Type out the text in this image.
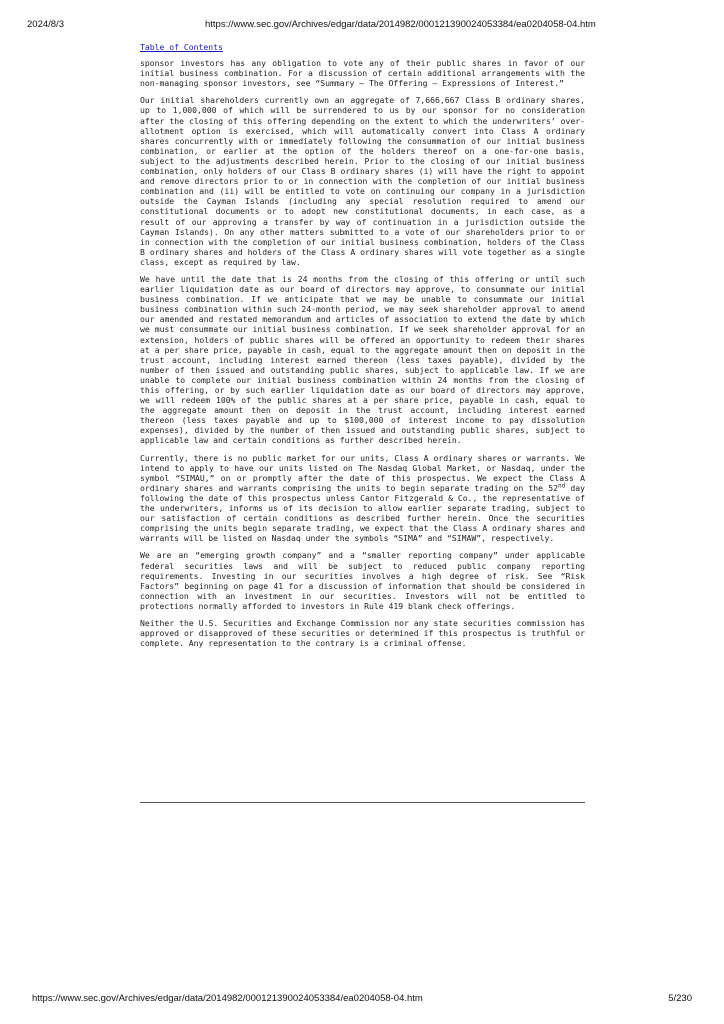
2024/8/3	https://www.sec.gov/Archives/edgar/data/2014982/000121390024053384/ea0204058-04.htm
Table of Contents

sponsor investors has any obligation to vote any of their public shares in favor of our initial business combination. For a discussion of certain additional arrangements with the non-managing sponsor investors, see “Summary — The Offering — Expressions of Interest.”

Our initial shareholders currently own an aggregate of 7,666,667 Class B ordinary shares, up to 1,000,000 of which will be surrendered to us by our sponsor for no consideration after the closing of this offering depending on the extent to which the underwriters’ over-allotment option is exercised, which will automatically convert into Class A ordinary shares concurrently with or immediately following the consummation of our initial business combination, or earlier at the option of the holders thereof on a one-for-one basis, subject to the adjustments described herein. Prior to the closing of our initial business combination, only holders of our Class B ordinary shares (i) will have the right to appoint and remove directors prior to or in connection with the completion of our initial business combination and (ii) will be entitled to vote on continuing our company in a jurisdiction outside the Cayman Islands (including any special resolution required to amend our constitutional documents or to adopt new constitutional documents, in each case, as a result of our approving a transfer by way of continuation in a jurisdiction outside the Cayman Islands). On any other matters submitted to a vote of our shareholders prior to or in connection with the completion of our initial business combination, holders of the Class B ordinary shares and holders of the Class A ordinary shares will vote together as a single class, except as required by law.

We have until the date that is 24 months from the closing of this offering or until such earlier liquidation date as our board of directors may approve, to consummate our initial business combination. If we anticipate that we may be unable to consummate our initial business combination within such 24-month period, we may seek shareholder approval to amend our amended and restated memorandum and articles of association to extend the date by which we must consummate our initial business combination. If we seek shareholder approval for an extension, holders of public shares will be offered an opportunity to redeem their shares at a per share price, payable in cash, equal to the aggregate amount then on deposit in the trust account, including interest earned thereon (less taxes payable), divided by the number of then issued and outstanding public shares, subject to applicable law. If we are unable to complete our initial business combination within 24 months from the closing of this offering, or by such earlier liquidation date as our board of directors may approve, we will redeem 100% of the public shares at a per share price, payable in cash, equal to the aggregate amount then on deposit in the trust account, including interest earned thereon (less taxes payable and up to $100,000 of interest income to pay dissolution expenses), divided by the number of then issued and outstanding public shares, subject to applicable law and certain conditions as further described herein.

Currently, there is no public market for our units, Class A ordinary shares or warrants. We intend to apply to have our units listed on The Nasdaq Global Market, or Nasdaq, under the symbol “SIMAU,” on or promptly after the date of this prospectus. We expect the Class A ordinary shares and warrants comprising the units to begin separate trading on the 52nd day following the date of this prospectus unless Cantor Fitzgerald & Co., the representative of the underwriters, informs us of its decision to allow earlier separate trading, subject to our satisfaction of certain conditions as described further herein. Once the securities comprising the units begin separate trading, we expect that the Class A ordinary shares and warrants will be listed on Nasdaq under the symbols “SIMA” and “SIMAW”, respectively.

We are an “emerging growth company” and a “smaller reporting company” under applicable federal securities laws and will be subject to reduced public company reporting requirements. Investing in our securities involves a high degree of risk. See “Risk Factors” beginning on page 41 for a discussion of information that should be considered in connection with an investment in our securities. Investors will not be entitled to protections normally afforded to investors in Rule 419 blank check offerings.

Neither the U.S. Securities and Exchange Commission nor any state securities commission has approved or disapproved of these securities or determined if this prospectus is truthful or complete. Any representation to the contrary is a criminal offense.

https://www.sec.gov/Archives/edgar/data/2014982/000121390024053384/ea0204058-04.htm	5/230
